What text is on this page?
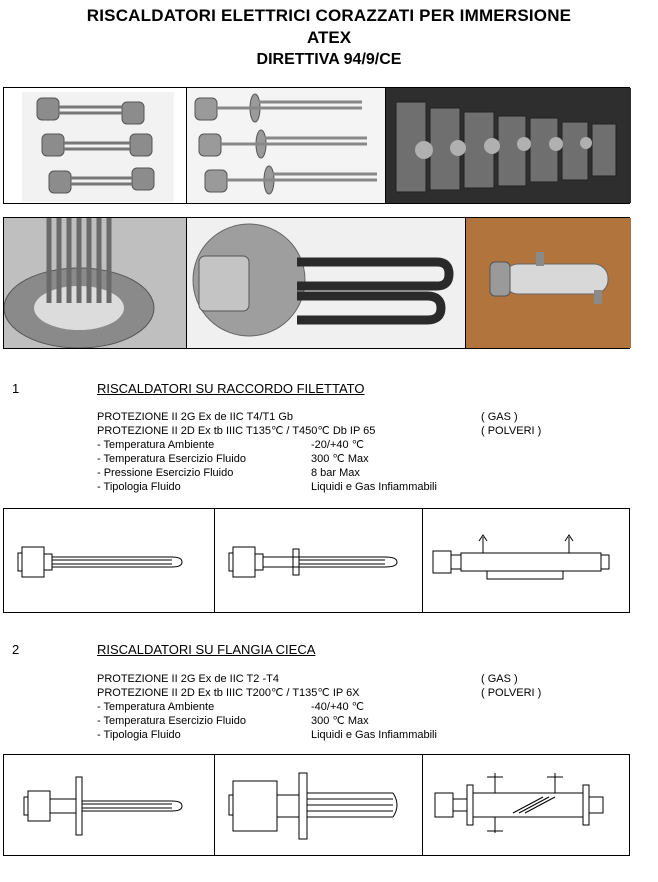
RISCALDATORI ELETTRICI CORAZZATI PER IMMERSIONE
ATEX
DIRETTIVA 94/9/CE
1	RISCALDATORI SU RACCORDO FILETTATO
PROTEZIONE II 2G Ex de IIC T4/T1 Gb	( GAS )
PROTEZIONE II 2D Ex tb IIIC T135℃ / T450℃ Db IP 65	( POLVERI )
- Temperatura Ambiente	-20/+40 ℃
- Temperatura Esercizio Fluido	300 ℃ Max
- Pressione Esercizio Fluido	8 bar Max
- Tipologia Fluido	Liquidi e Gas Infiammabili
2	RISCALDATORI SU FLANGIA CIECA
PROTEZIONE II 2G Ex de IIC T2 -T4	( GAS )
PROTEZIONE II 2D Ex tb IIIC T200℃ / T135℃ IP 6X	( POLVERI )
- Temperatura Ambiente	-40/+40 ℃
- Temperatura Esercizio Fluido	300 ℃ Max
- Tipologia Fluido	Liquidi e Gas Infiammabili
